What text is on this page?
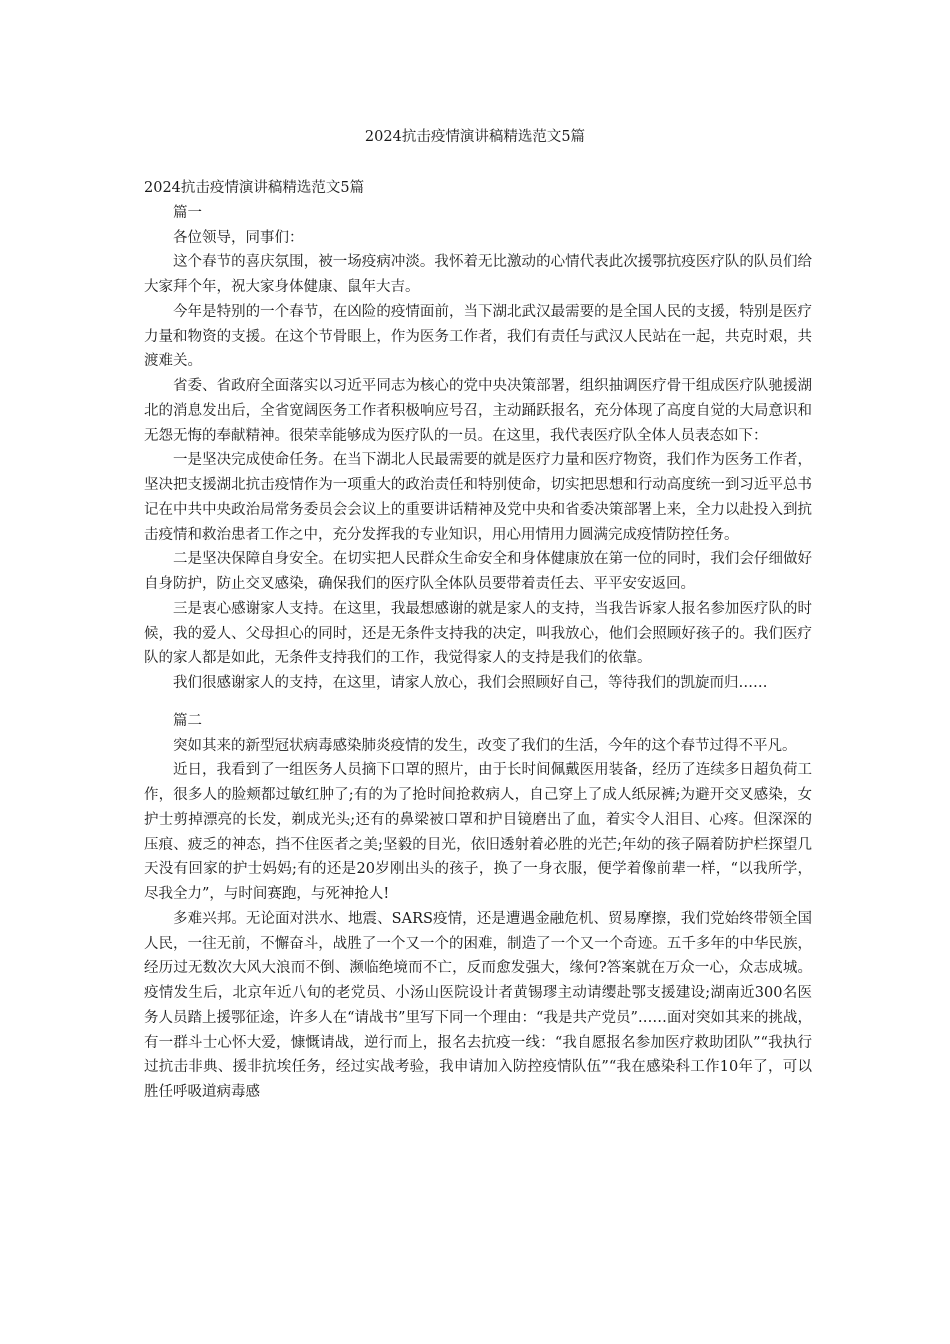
2024抗击疫情演讲稿精选范文5篇

2024抗击疫情演讲稿精选范文5篇

篇一

各位领导，同事们：

这个春节的喜庆氛围，被一场疫病冲淡。我怀着无比激动的心情代表此次援鄂抗疫医疗队的队员们给大家拜个年，祝大家身体健康、鼠年大吉。

今年是特别的一个春节，在凶险的疫情面前，当下湖北武汉最需要的是全国人民的支援，特别是医疗力量和物资的支援。在这个节骨眼上，作为医务工作者，我们有责任与武汉人民站在一起，共克时艰，共渡难关。

省委、省政府全面落实以习近平同志为核心的党中央决策部署，组织抽调医疗骨干组成医疗队驰援湖北的消息发出后，全省宽阔医务工作者积极响应号召，主动踊跃报名，充分体现了高度自觉的大局意识和无怨无悔的奉献精神。很荣幸能够成为医疗队的一员。在这里，我代表医疗队全体人员表态如下：

一是坚决完成使命任务。在当下湖北人民最需要的就是医疗力量和医疗物资，我们作为医务工作者，坚决把支援湖北抗击疫情作为一项重大的政治责任和特别使命，切实把思想和行动高度统一到习近平总书记在中共中央政治局常务委员会会议上的重要讲话精神及党中央和省委决策部署上来，全力以赴投入到抗击疫情和救治患者工作之中，充分发挥我的专业知识，用心用情用力圆满完成疫情防控任务。

二是坚决保障自身安全。在切实把人民群众生命安全和身体健康放在第一位的同时，我们会仔细做好自身防护，防止交叉感染，确保我们的医疗队全体队员要带着责任去、平平安安返回。

三是衷心感谢家人支持。在这里，我最想感谢的就是家人的支持，当我告诉家人报名参加医疗队的时候，我的爱人、父母担心的同时，还是无条件支持我的决定，叫我放心，他们会照顾好孩子的。我们医疗队的家人都是如此，无条件支持我们的工作，我觉得家人的支持是我们的依靠。

我们很感谢家人的支持，在这里，请家人放心，我们会照顾好自己，等待我们的凯旋而归……

篇二

突如其来的新型冠状病毒感染肺炎疫情的发生，改变了我们的生活，今年的这个春节过得不平凡。

近日，我看到了一组医务人员摘下口罩的照片，由于长时间佩戴医用装备，经历了连续多日超负荷工作，很多人的脸颊都过敏红肿了;有的为了抢时间抢救病人，自己穿上了成人纸尿裤;为避开交叉感染，女护士剪掉漂亮的长发，剃成光头;还有的鼻梁被口罩和护目镜磨出了血，着实令人泪目、心疼。但深深的压痕、疲乏的神态，挡不住医者之美;坚毅的目光，依旧透射着必胜的光芒;年幼的孩子隔着防护栏探望几天没有回家的护士妈妈;有的还是20岁刚出头的孩子，换了一身衣服，便学着像前辈一样，“以我所学，尽我全力”，与时间赛跑，与死神抢人!

多难兴邦。无论面对洪水、地震、SARS疫情，还是遭遇金融危机、贸易摩擦，我们党始终带领全国人民，一往无前，不懈奋斗，战胜了一个又一个的困难，制造了一个又一个奇迹。五千多年的中华民族，经历过无数次大风大浪而不倒、濒临绝境而不亡，反而愈发强大，缘何?答案就在万众一心，众志成城。疫情发生后，北京年近八旬的老党员、小汤山医院设计者黄锡璆主动请缨赴鄂支援建设;湖南近300名医务人员踏上援鄂征途，许多人在“请战书”里写下同一个理由：“我是共产党员”……面对突如其来的挑战，有一群斗士心怀大爱，慷慨请战，逆行而上，报名去抗疫一线：“我自愿报名参加医疗救助团队”“我执行过抗击非典、援非抗埃任务，经过实战考验，我申请加入防控疫情队伍”“我在感染科工作10年了，可以胜任呼吸道病毒感
